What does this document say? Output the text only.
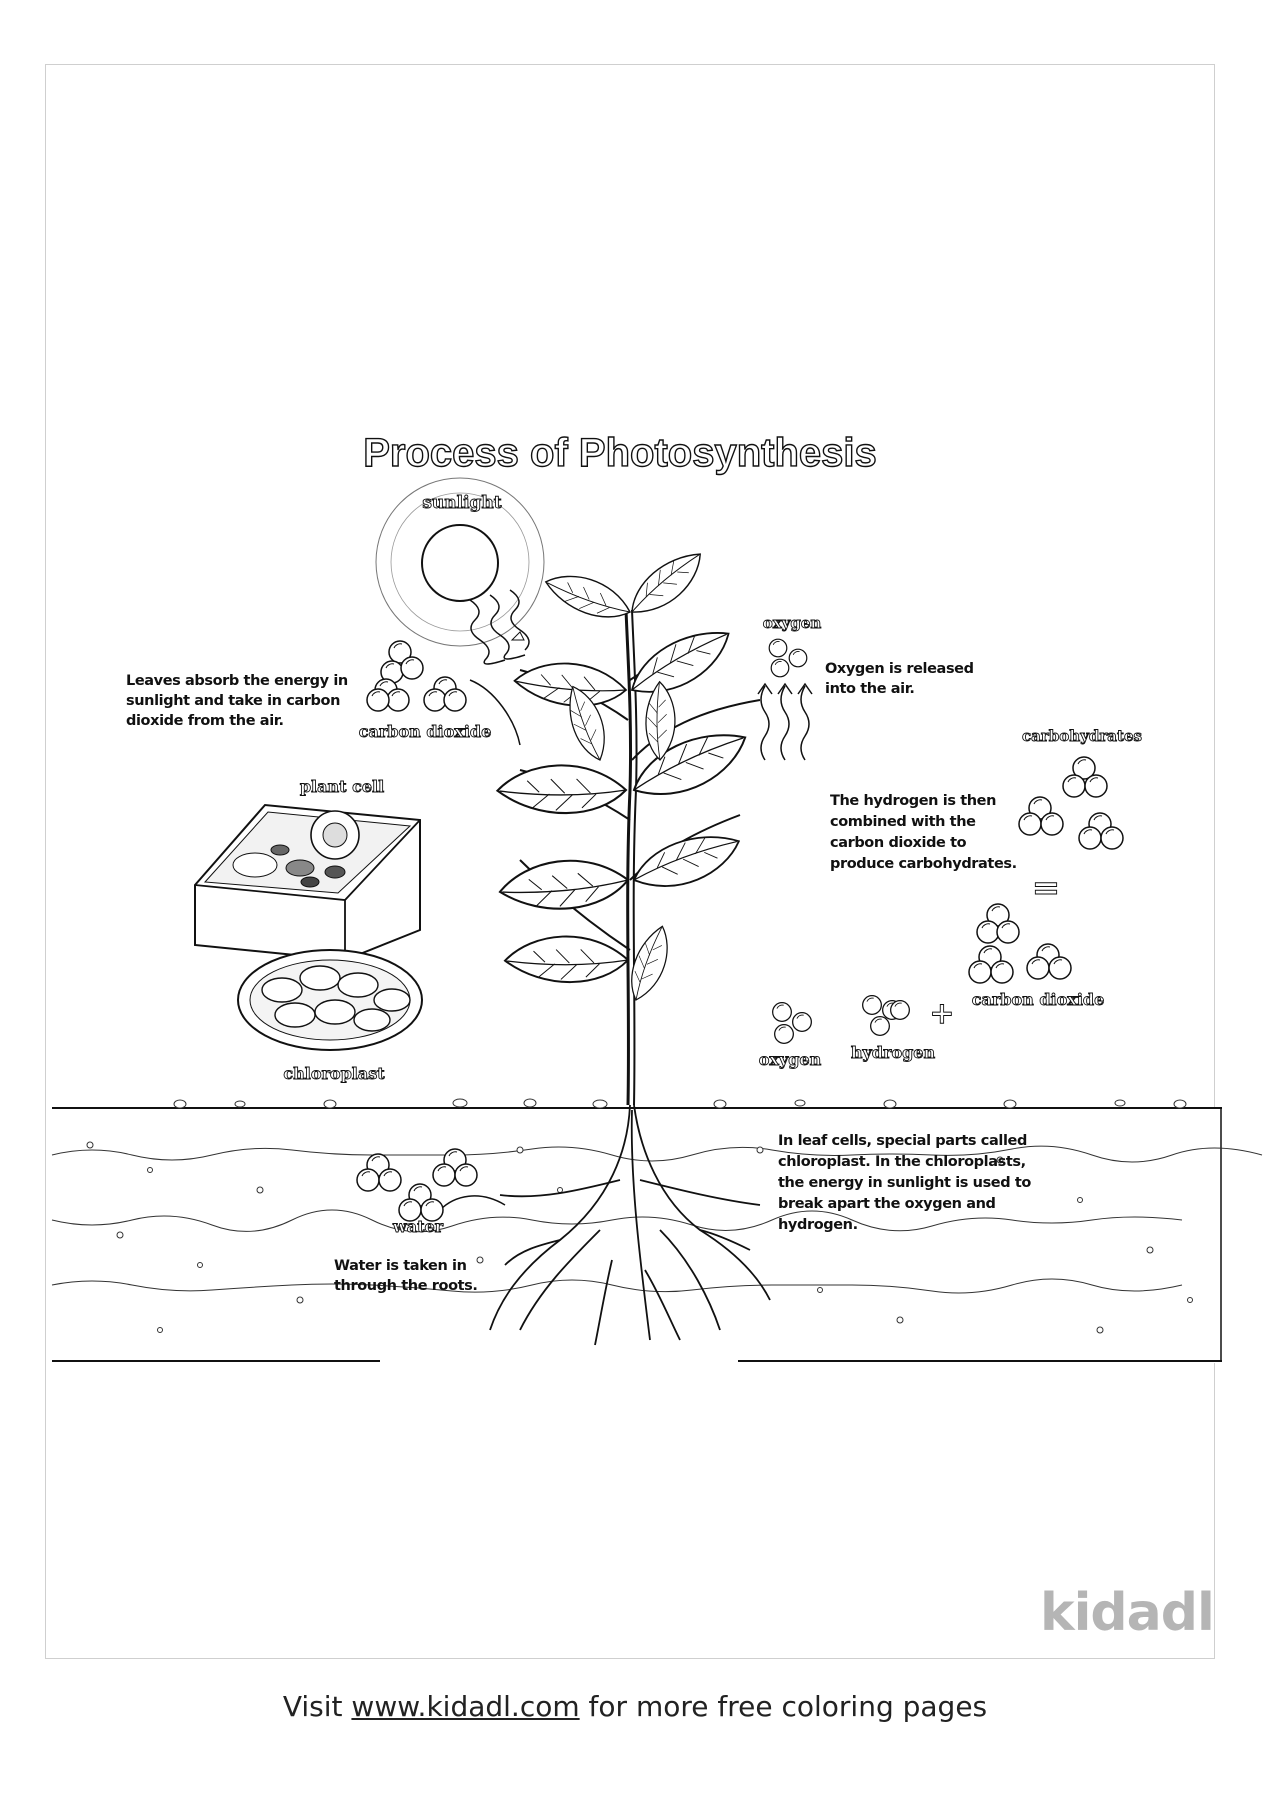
Process of Photosynthesis
sunlight
carbon dioxide
Leaves absorb the energy in sunlight and take in carbon dioxide from the air.
plant cell
chloroplast
oxygen
Oxygen is released into the air.
carbohydrates
The hydrogen is then combined with the carbon dioxide to produce carbohydrates.
=
carbon dioxide
+
oxygen hydrogen
water
Water is taken in through the roots.
In leaf cells, special parts called chloroplast. In the chloroplasts, the energy in sunlight is used to break apart the oxygen and hydrogen.
kidadl
Visit www.kidadl.com for more free coloring pages
